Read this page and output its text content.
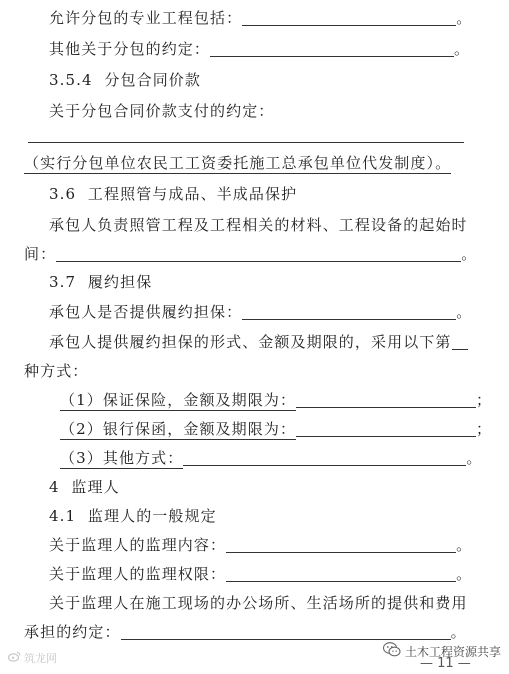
允许分包的专业工程包括：	。
其他关于分包的约定：	。
3.5.4  分包合同价款
关于分包合同价款支付的约定：
（实行分包单位农民工工资委托施工总承包单位代发制度）。
3.6  工程照管与成品、半成品保护
承包人负责照管工程及工程相关的材料、工程设备的起始时
间：	。
3.7  履约担保
承包人是否提供履约担保：	。
承包人提供履约担保的形式、金额及期限的，采用以下第
种方式：
（1）保证保险，金额及期限为：	；
（2）银行保函，金额及期限为：	；
（3）其他方式：	。
4  监理人
4.1  监理人的一般规定
关于监理人的监理内容：	。
关于监理人的监理权限：	。
关于监理人在施工现场的办公场所、生活场所的提供和费用
承担的约定：	。
— 11 —
筑龙网	土木工程资源共享
